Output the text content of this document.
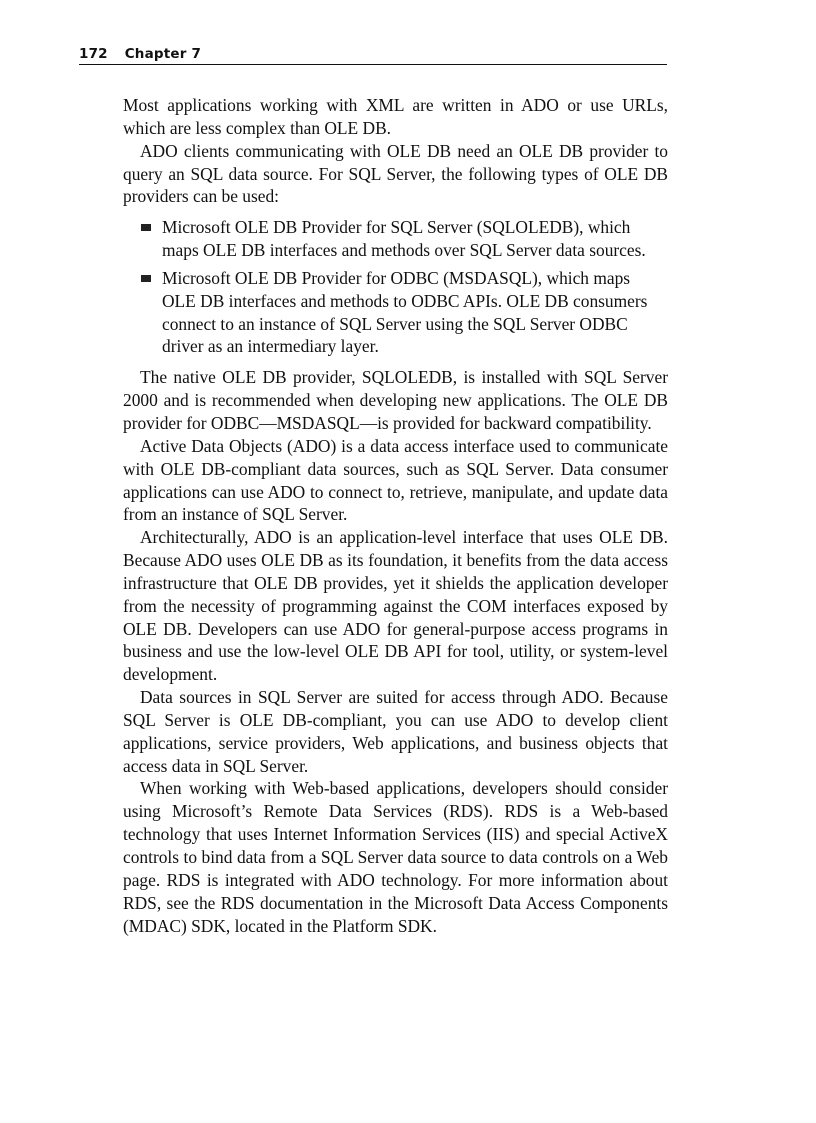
172 Chapter 7

Most applications working with XML are written in ADO or use URLs, which are less complex than OLE DB.

ADO clients communicating with OLE DB need an OLE DB provider to query an SQL data source. For SQL Server, the following types of OLE DB providers can be used:

Microsoft OLE DB Provider for SQL Server (SQLOLEDB), which maps OLE DB interfaces and methods over SQL Server data sources.
Microsoft OLE DB Provider for ODBC (MSDASQL), which maps OLE DB interfaces and methods to ODBC APIs. OLE DB consumers connect to an instance of SQL Server using the SQL Server ODBC driver as an intermediary layer.

The native OLE DB provider, SQLOLEDB, is installed with SQL Server 2000 and is recommended when developing new applications. The OLE DB provider for ODBC—MSDASQL—is provided for backward compatibility.

Active Data Objects (ADO) is a data access interface used to communicate with OLE DB-compliant data sources, such as SQL Server. Data consumer applications can use ADO to connect to, retrieve, manipulate, and update data from an instance of SQL Server.

Architecturally, ADO is an application-level interface that uses OLE DB. Because ADO uses OLE DB as its foundation, it benefits from the data access infrastructure that OLE DB provides, yet it shields the application developer from the necessity of programming against the COM interfaces exposed by OLE DB. Developers can use ADO for general-purpose access programs in business and use the low-level OLE DB API for tool, utility, or system-level development.

Data sources in SQL Server are suited for access through ADO. Because SQL Server is OLE DB-compliant, you can use ADO to develop client applications, service providers, Web applications, and business objects that access data in SQL Server.

When working with Web-based applications, developers should consider using Microsoft’s Remote Data Services (RDS). RDS is a Web-based technology that uses Internet Information Services (IIS) and special ActiveX controls to bind data from a SQL Server data source to data controls on a Web page. RDS is integrated with ADO technology. For more information about RDS, see the RDS documentation in the Microsoft Data Access Components (MDAC) SDK, located in the Platform SDK.
